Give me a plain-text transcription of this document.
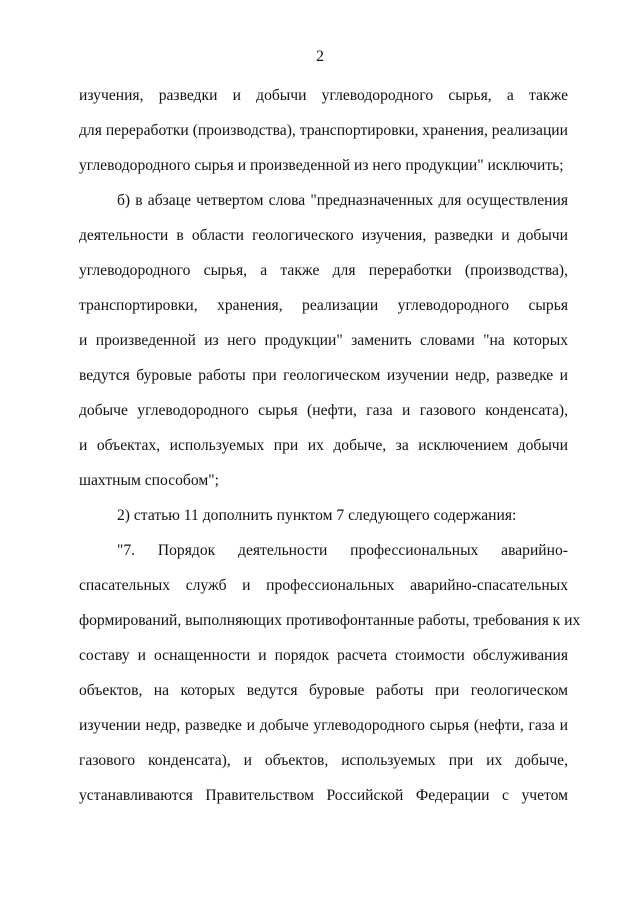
2
изучения, разведки и добычи углеводородного сырья, а также
для переработки (производства), транспортировки, хранения, реализации
углеводородного сырья и произведенной из него продукции" исключить;
б) в абзаце четвертом слова "предназначенных для осуществления
деятельности в области геологического изучения, разведки и добычи
углеводородного сырья, а также для переработки (производства),
транспортировки, хранения, реализации углеводородного сырья
и произведенной из него продукции" заменить словами "на которых
ведутся буровые работы при геологическом изучении недр, разведке и
добыче углеводородного сырья (нефти, газа и газового конденсата),
и объектах, используемых при их добыче, за исключением добычи
шахтным способом";
2) статью 11 дополнить пунктом 7 следующего содержания:
"7. Порядок деятельности профессиональных аварийно-
спасательных служб и профессиональных аварийно-спасательных
формирований, выполняющих противофонтанные работы, требования к их
составу и оснащенности и порядок расчета стоимости обслуживания
объектов, на которых ведутся буровые работы при геологическом
изучении недр, разведке и добыче углеводородного сырья (нефти, газа и
газового конденсата), и объектов, используемых при их добыче,
устанавливаются Правительством Российской Федерации с учетом
